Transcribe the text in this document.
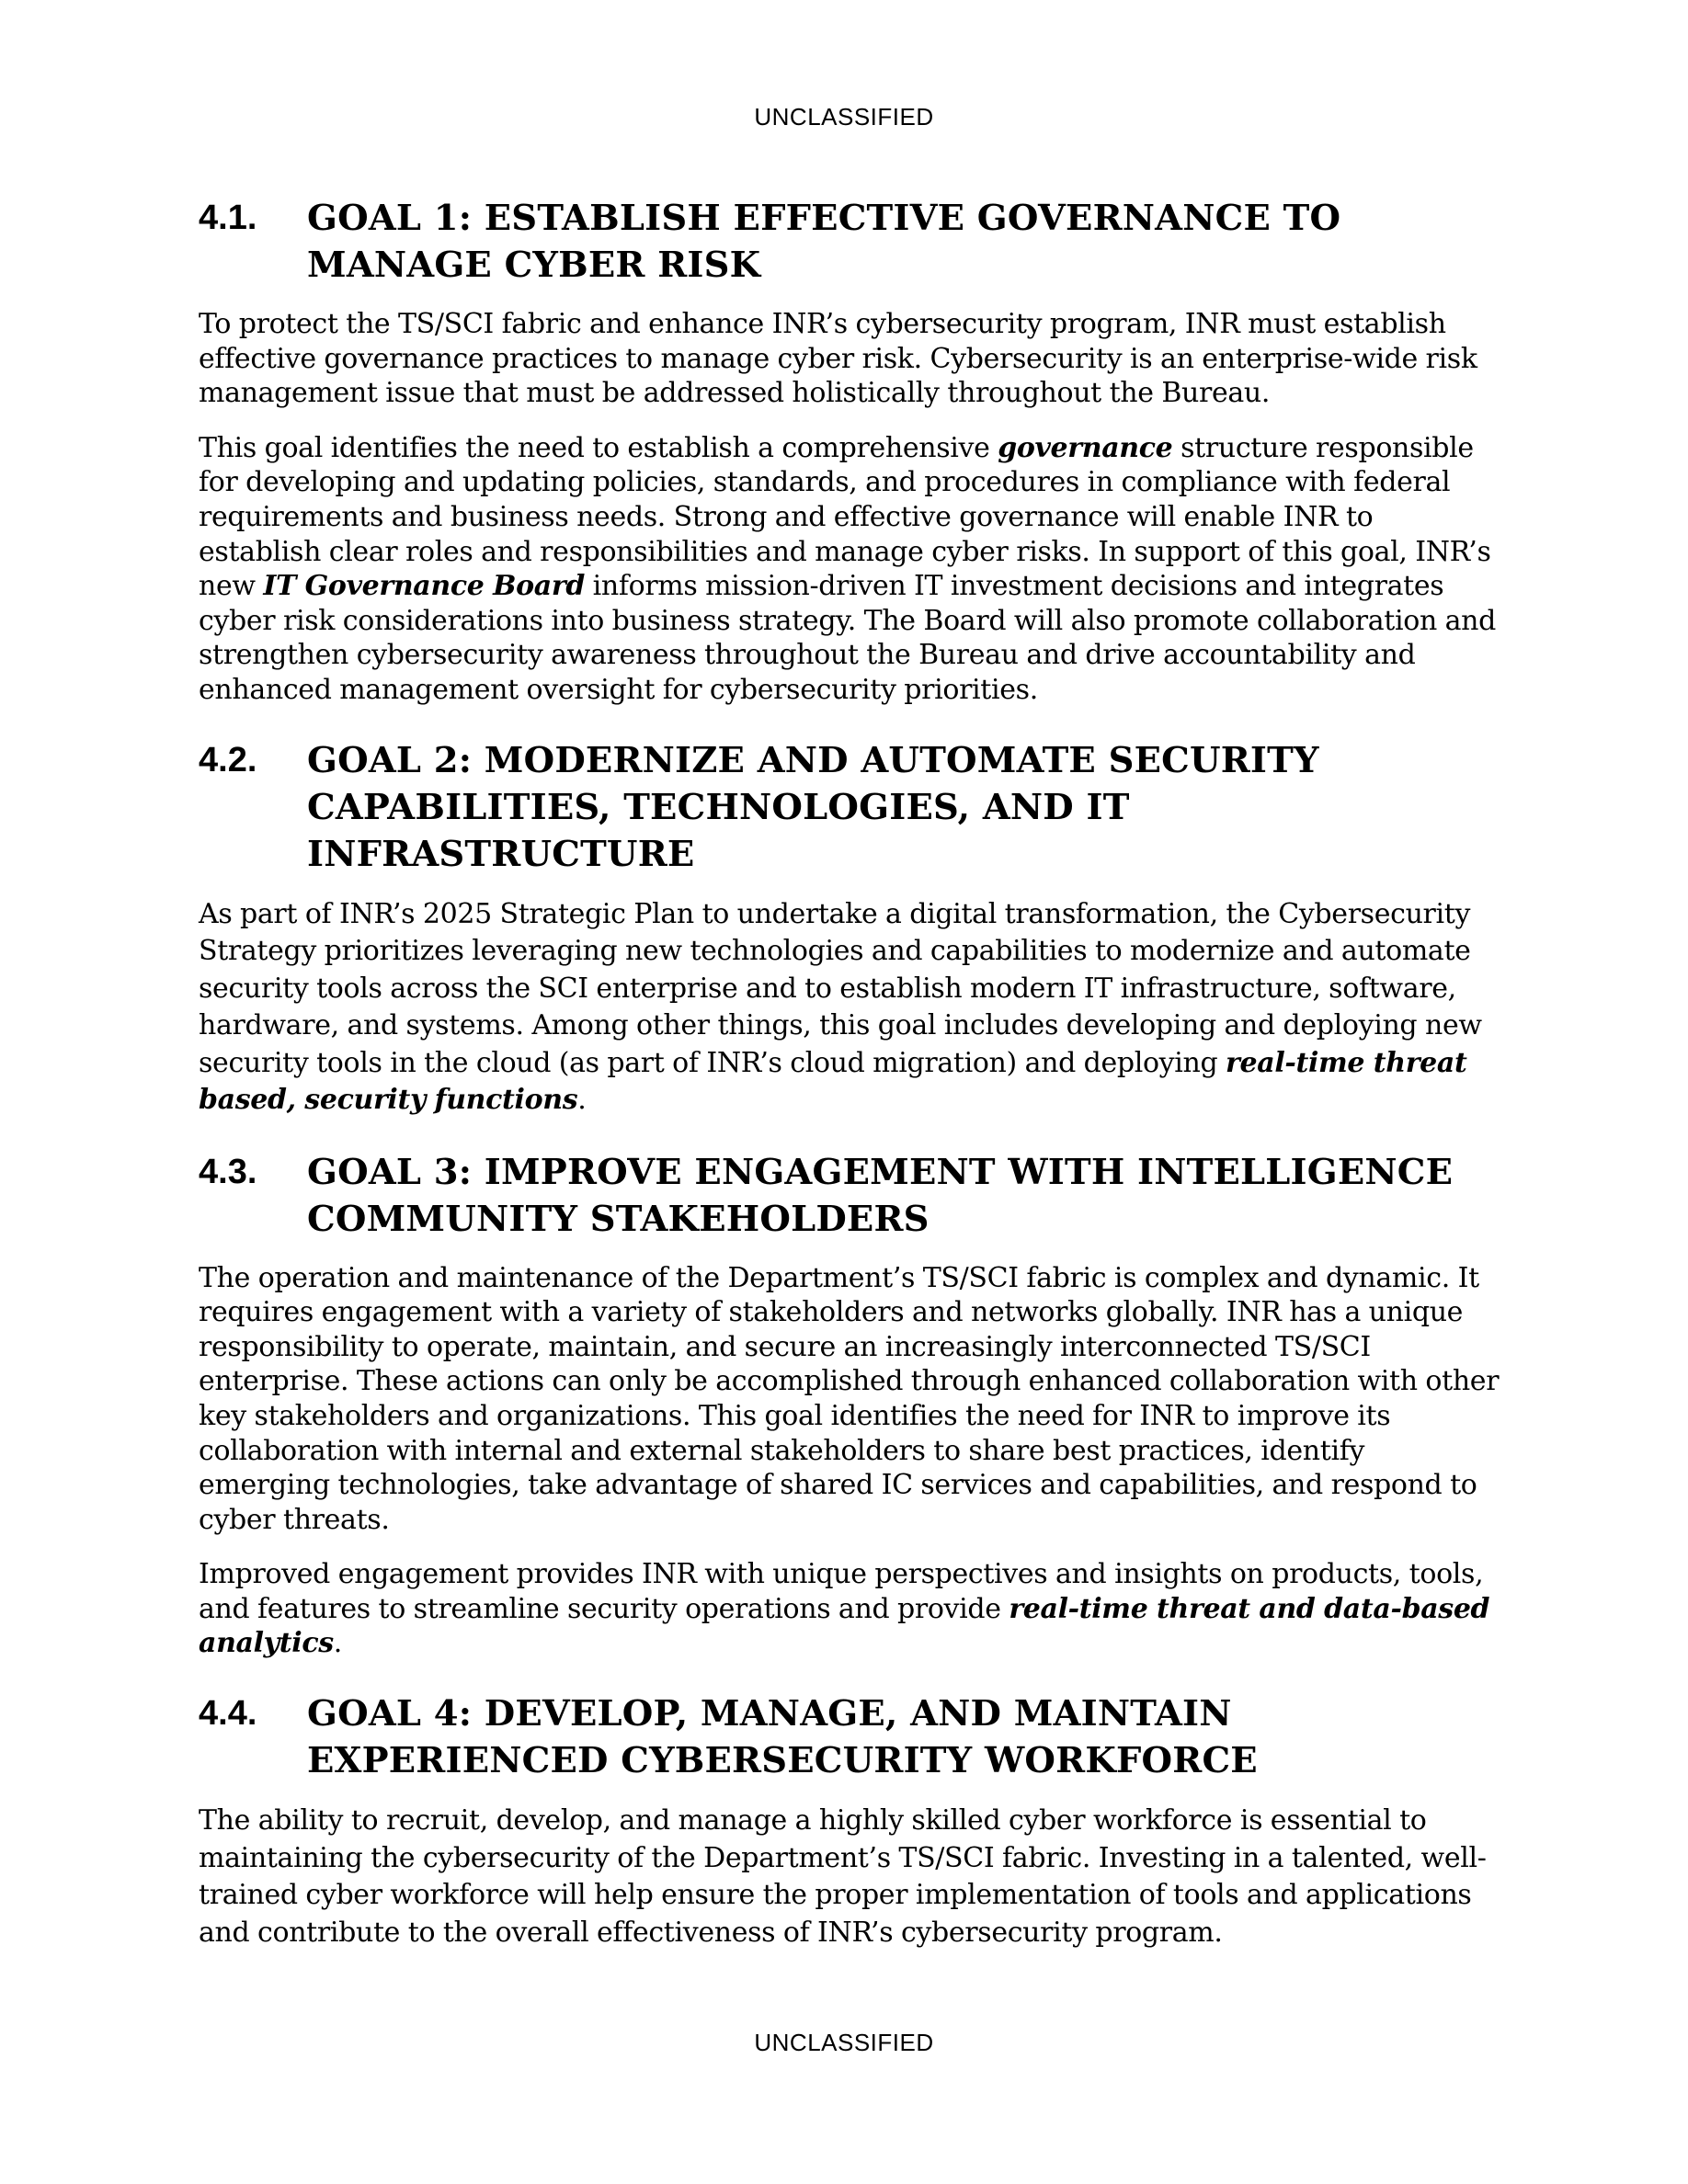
UNCLASSIFIED
4.1.	GOAL 1: ESTABLISH EFFECTIVE GOVERNANCE TO MANAGE CYBER RISK

To protect the TS/SCI fabric and enhance INR’s cybersecurity program, INR must establish effective governance practices to manage cyber risk. Cybersecurity is an enterprise-wide risk management issue that must be addressed holistically throughout the Bureau.

This goal identifies the need to establish a comprehensive governance structure responsible for developing and updating policies, standards, and procedures in compliance with federal requirements and business needs. Strong and effective governance will enable INR to establish clear roles and responsibilities and manage cyber risks. In support of this goal, INR’s new IT Governance Board informs mission-driven IT investment decisions and integrates cyber risk considerations into business strategy. The Board will also promote collaboration and strengthen cybersecurity awareness throughout the Bureau and drive accountability and enhanced management oversight for cybersecurity priorities.

4.2.	GOAL 2: MODERNIZE AND AUTOMATE SECURITY CAPABILITIES, TECHNOLOGIES, AND IT INFRASTRUCTURE

As part of INR’s 2025 Strategic Plan to undertake a digital transformation, the Cybersecurity Strategy prioritizes leveraging new technologies and capabilities to modernize and automate security tools across the SCI enterprise and to establish modern IT infrastructure, software, hardware, and systems. Among other things, this goal includes developing and deploying new security tools in the cloud (as part of INR’s cloud migration) and deploying real-time threat based, security functions.

4.3.	GOAL 3: IMPROVE ENGAGEMENT WITH INTELLIGENCE COMMUNITY STAKEHOLDERS

The operation and maintenance of the Department’s TS/SCI fabric is complex and dynamic. It requires engagement with a variety of stakeholders and networks globally. INR has a unique responsibility to operate, maintain, and secure an increasingly interconnected TS/SCI enterprise. These actions can only be accomplished through enhanced collaboration with other key stakeholders and organizations. This goal identifies the need for INR to improve its collaboration with internal and external stakeholders to share best practices, identify emerging technologies, take advantage of shared IC services and capabilities, and respond to cyber threats.

Improved engagement provides INR with unique perspectives and insights on products, tools, and features to streamline security operations and provide real-time threat and data-based analytics.

4.4.	GOAL 4: DEVELOP, MANAGE, AND MAINTAIN EXPERIENCED CYBERSECURITY WORKFORCE

The ability to recruit, develop, and manage a highly skilled cyber workforce is essential to maintaining the cybersecurity of the Department’s TS/SCI fabric. Investing in a talented, well-trained cyber workforce will help ensure the proper implementation of tools and applications and contribute to the overall effectiveness of INR’s cybersecurity program.

UNCLASSIFIED
